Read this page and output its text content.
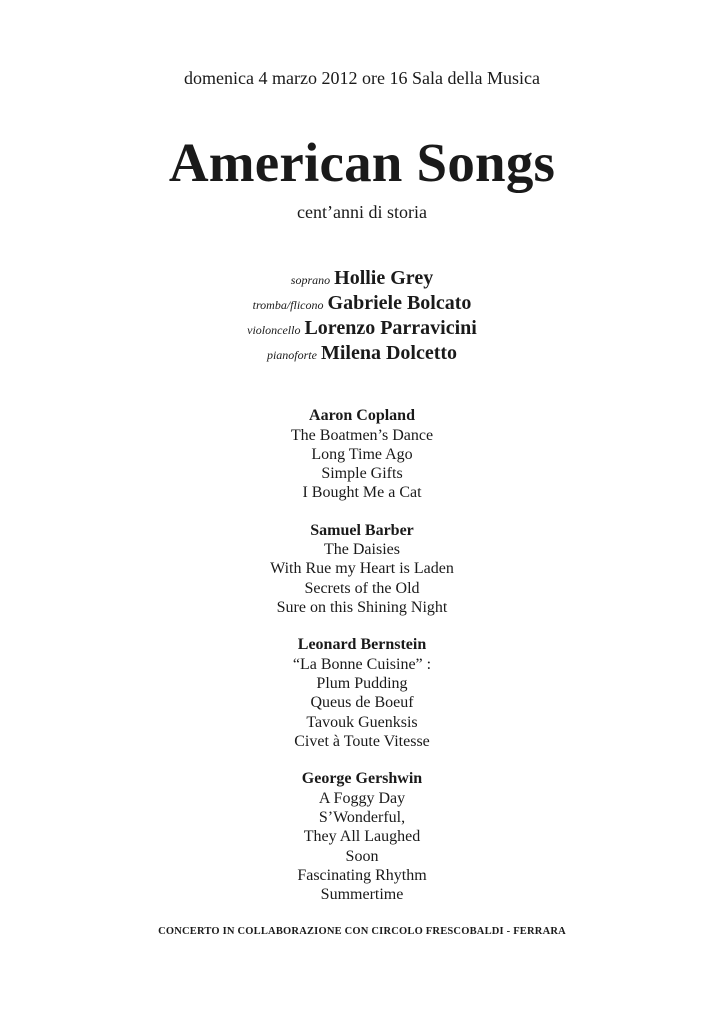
domenica 4 marzo 2012 ore 16 Sala della Musica
American Songs
cent’anni di storia
soprano Hollie Grey
tromba/flicono Gabriele Bolcato
violoncello Lorenzo Parravicini
pianoforte Milena Dolcetto
Aaron Copland
The Boatmen’s Dance
Long Time Ago
Simple Gifts
I Bought Me a Cat
Samuel Barber
The Daisies
With Rue my Heart is Laden
Secrets of the Old
Sure on this Shining Night
Leonard Bernstein
“La Bonne Cuisine” :
Plum Pudding
Queus de Boeuf
Tavouk Guenksis
Civet à Toute Vitesse
George Gershwin
A Foggy Day
S’Wonderful,
They All Laughed
Soon
Fascinating Rhythm
Summertime
CONCERTO IN COLLABORAZIONE CON CIRCOLO FRESCOBALDI - FERRARA
